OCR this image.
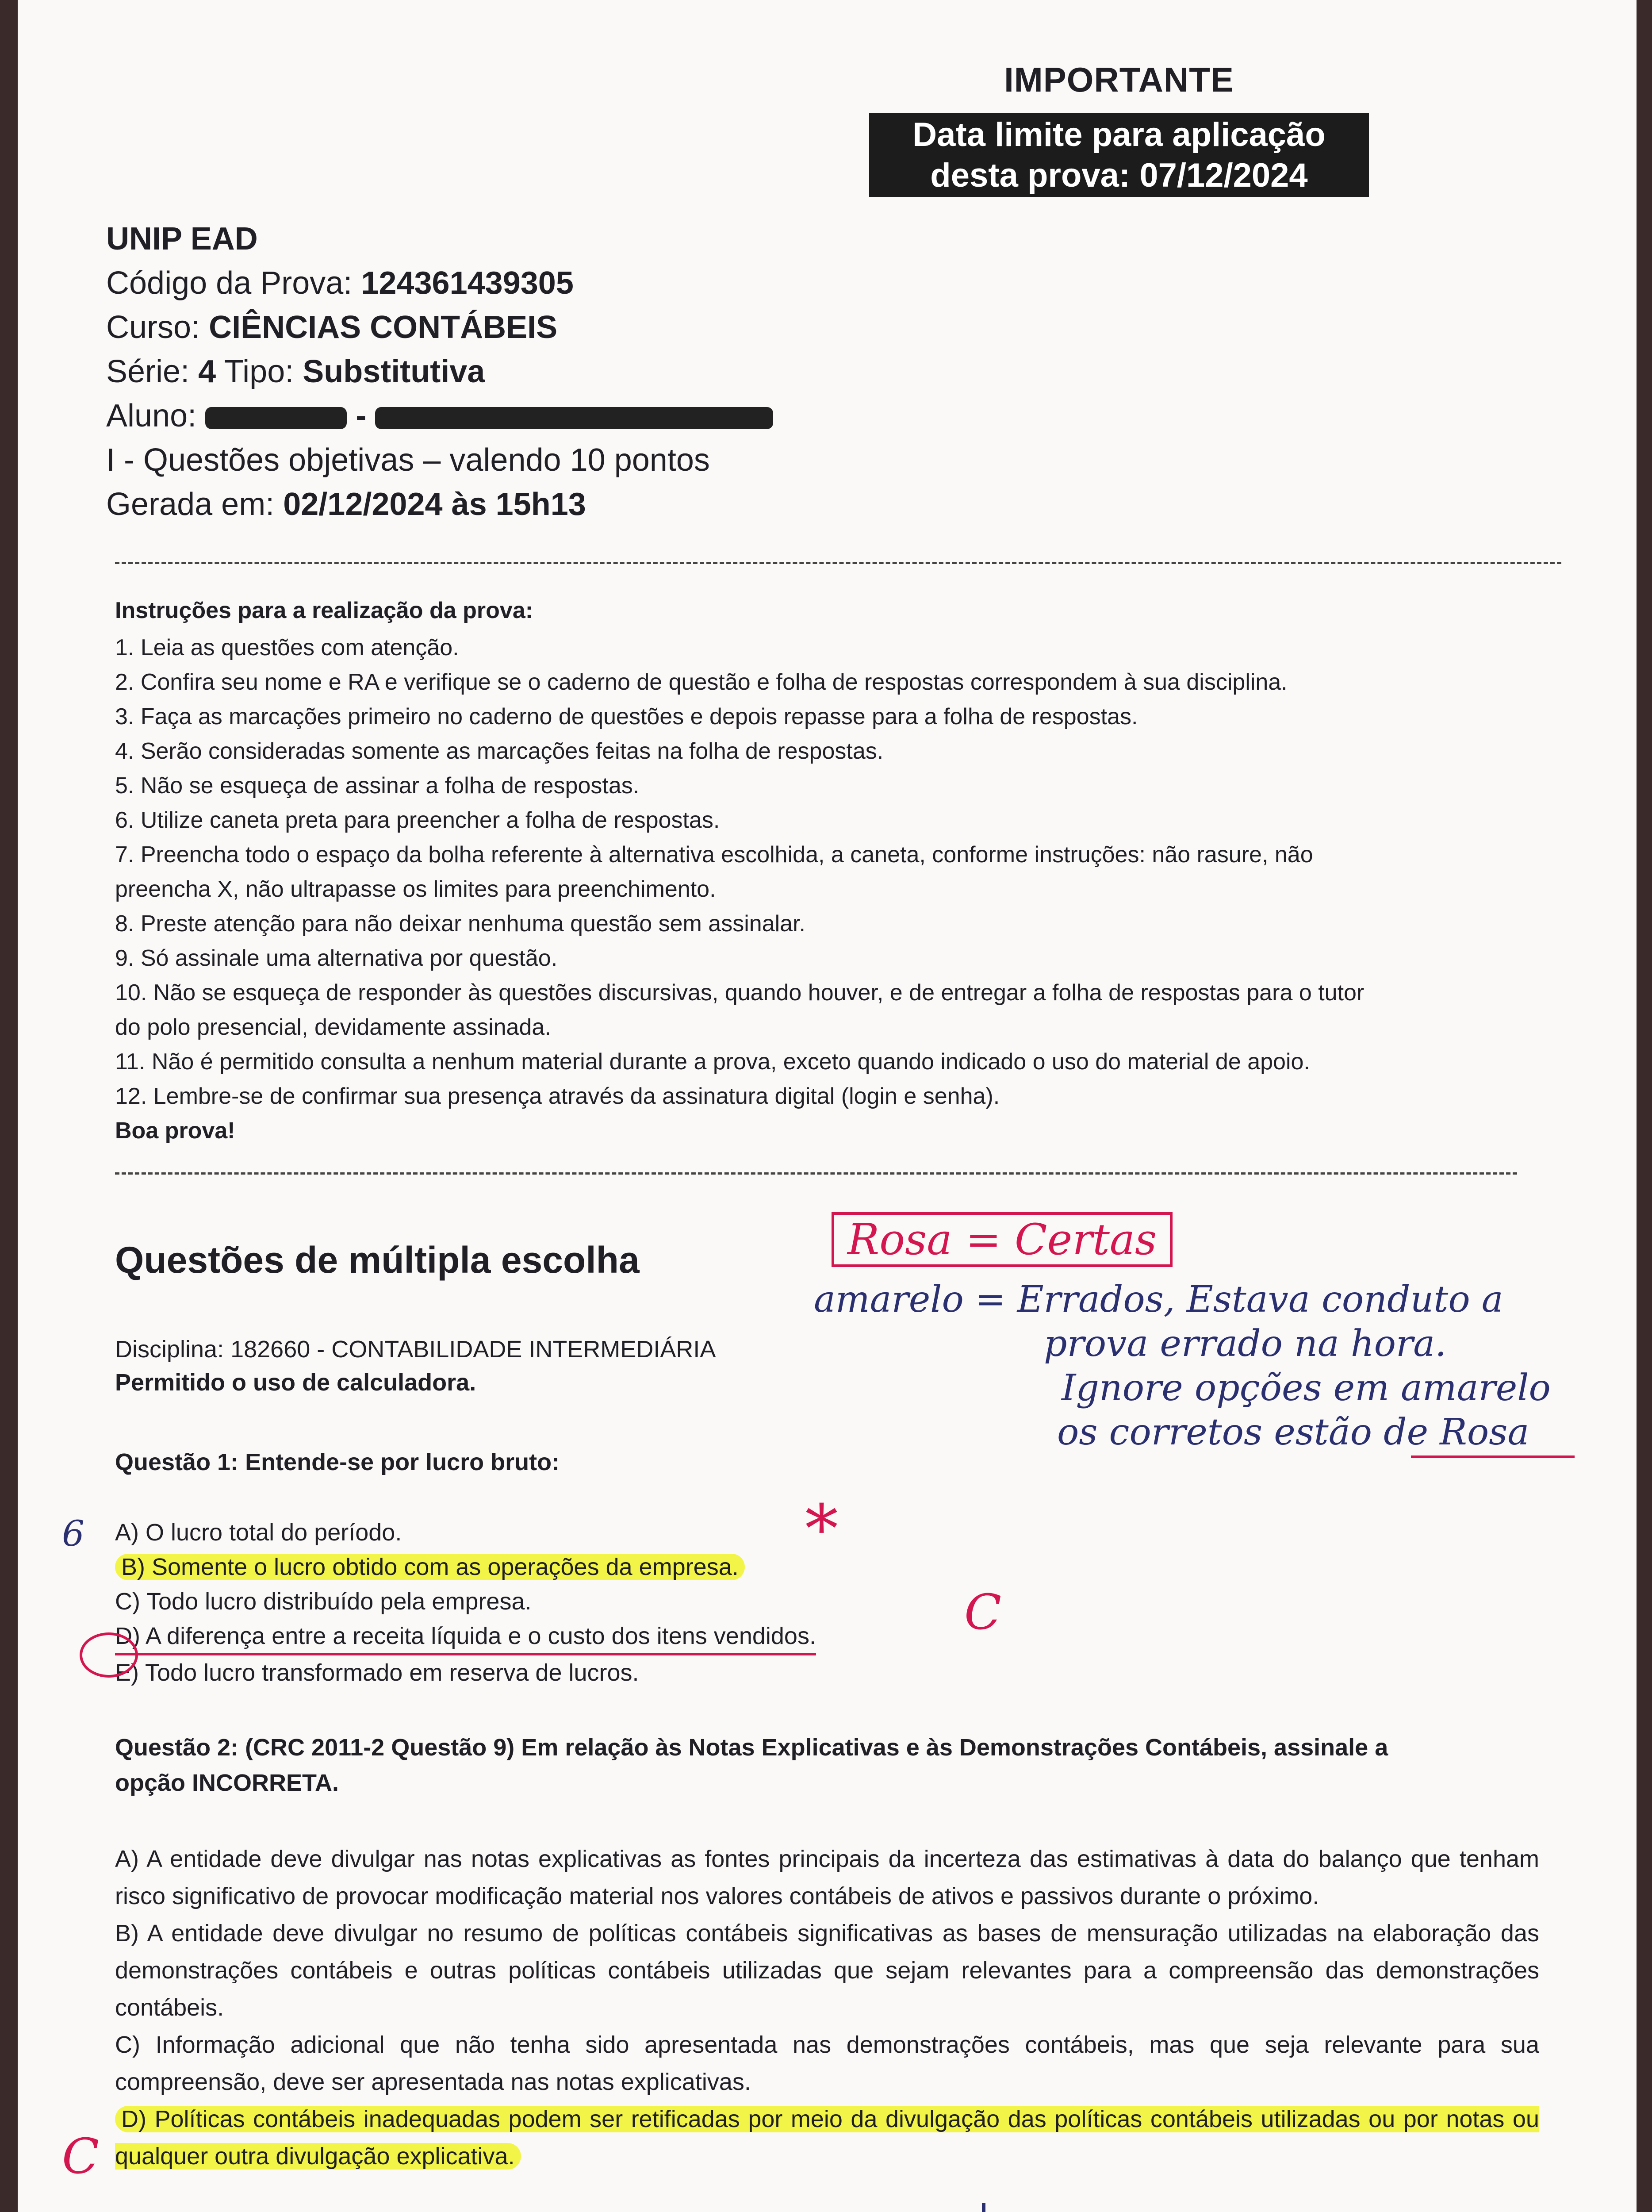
IMPORTANTE
Data limite para aplicação
desta prova: 07/12/2024
UNIP EAD
Código da Prova: 124361439305
Curso: CIÊNCIAS CONTÁBEIS
Série: 4 Tipo: Substitutiva
Aluno:	-
I - Questões objetivas – valendo 10 pontos
Gerada em: 02/12/2024 às 15h13
Instruções para a realização da prova:
1. Leia as questões com atenção.
2. Confira seu nome e RA e verifique se o caderno de questão e folha de respostas correspondem à sua disciplina.
3. Faça as marcações primeiro no caderno de questões e depois repasse para a folha de respostas.
4. Serão consideradas somente as marcações feitas na folha de respostas.
5. Não se esqueça de assinar a folha de respostas.
6. Utilize caneta preta para preencher a folha de respostas.
7. Preencha todo o espaço da bolha referente à alternativa escolhida, a caneta, conforme instruções: não rasure, não
preencha X, não ultrapasse os limites para preenchimento.
8. Preste atenção para não deixar nenhuma questão sem assinalar.
9. Só assinale uma alternativa por questão.
10. Não se esqueça de responder às questões discursivas, quando houver, e de entregar a folha de respostas para o tutor
do polo presencial, devidamente assinada.
11. Não é permitido consulta a nenhum material durante a prova, exceto quando indicado o uso do material de apoio.
12. Lembre-se de confirmar sua presença através da assinatura digital (login e senha).
Boa prova!
Questões de múltipla escolha
Disciplina: 182660 - CONTABILIDADE INTERMEDIÁRIA
Permitido o uso de calculadora.
Questão 1: Entende-se por lucro bruto:
A) O lucro total do período.
B) Somente o lucro obtido com as operações da empresa.
C) Todo lucro distribuído pela empresa.
D) A diferença entre a receita líquida e o custo dos itens vendidos.
E) Todo lucro transformado em reserva de lucros.
Questão 2: (CRC 2011-2 Questão 9) Em relação às Notas Explicativas e às Demonstrações Contábeis, assinale a
opção INCORRETA.
A) A entidade deve divulgar nas notas explicativas as fontes principais da incerteza das estimativas à data do balanço que tenham risco significativo de provocar modificação material nos valores contábeis de ativos e passivos durante o próximo.
B) A entidade deve divulgar no resumo de políticas contábeis significativas as bases de mensuração utilizadas na elaboração das demonstrações contábeis e outras políticas contábeis utilizadas que sejam relevantes para a compreensão das demonstrações contábeis.
C) Informação adicional que não tenha sido apresentada nas demonstrações contábeis, mas que seja relevante para sua compreensão, deve ser apresentada nas notas explicativas.
D) Políticas contábeis inadequadas podem ser retificadas por meio da divulgação das políticas contábeis utilizadas ou por notas ou qualquer outra divulgação explicativa.
Rosa = Certas
amarelo = Errados, Estava conduto a
prova errado na hora.
Ignore opções em amarelo
os corretos estão de Rosa
6	*
C
C
